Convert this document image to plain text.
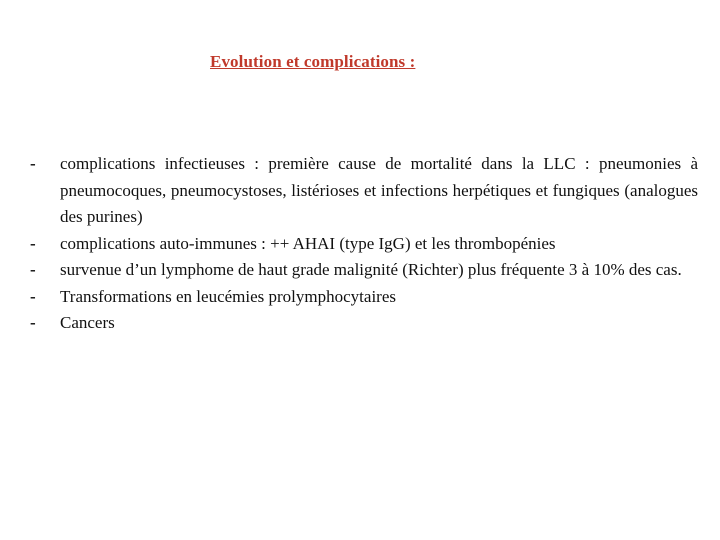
Evolution et complications :
-	complications infectieuses : première cause de mortalité dans la LLC : pneumonies à pneumocoques, pneumocystoses, listérioses et infections herpétiques et fungiques (analogues des purines)
-	complications auto-immunes : ++ AHAI (type IgG) et les thrombopénies
-	survenue d’un lymphome de haut grade malignité (Richter) plus fréquente 3 à 10% des cas.
-	Transformations en leucémies prolymphocytaires
-	Cancers
